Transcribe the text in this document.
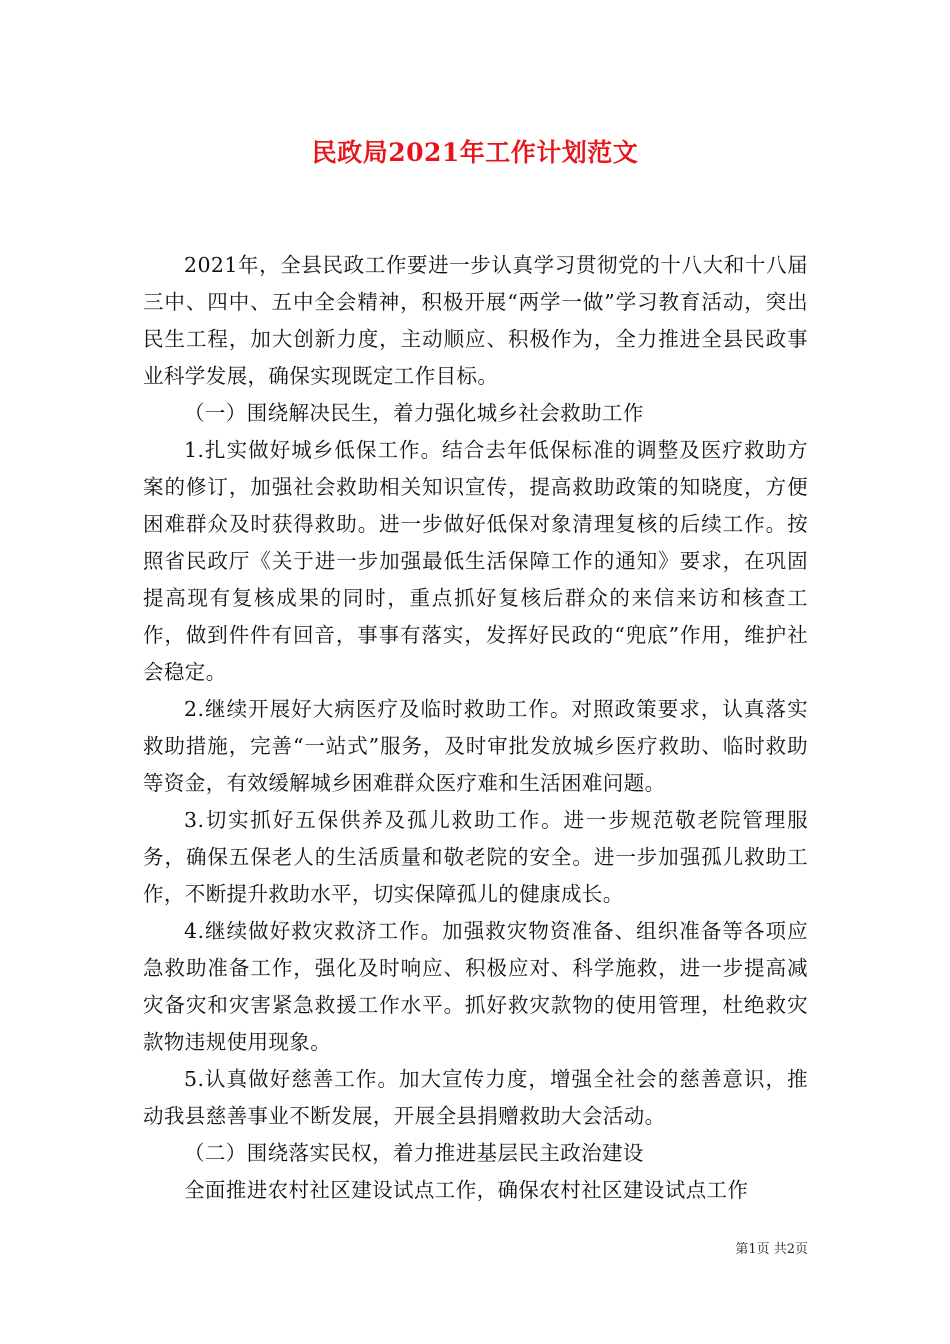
民政局2021年工作计划范文

2021年，全县民政工作要进一步认真学习贯彻党的十八大和十八届三中、四中、五中全会精神，积极开展“两学一做”学习教育活动，突出民生工程，加大创新力度，主动顺应、积极作为，全力推进全县民政事业科学发展，确保实现既定工作目标。

（一）围绕解决民生，着力强化城乡社会救助工作

1.扎实做好城乡低保工作。结合去年低保标准的调整及医疗救助方案的修订，加强社会救助相关知识宣传，提高救助政策的知晓度，方便困难群众及时获得救助。进一步做好低保对象清理复核的后续工作。按照省民政厅《关于进一步加强最低生活保障工作的通知》要求，在巩固提高现有复核成果的同时，重点抓好复核后群众的来信来访和核查工作，做到件件有回音，事事有落实，发挥好民政的“兜底”作用，维护社会稳定。

2.继续开展好大病医疗及临时救助工作。对照政策要求，认真落实救助措施，完善“一站式”服务，及时审批发放城乡医疗救助、临时救助等资金，有效缓解城乡困难群众医疗难和生活困难问题。

3.切实抓好五保供养及孤儿救助工作。进一步规范敬老院管理服务，确保五保老人的生活质量和敬老院的安全。进一步加强孤儿救助工作，不断提升救助水平，切实保障孤儿的健康成长。

4.继续做好救灾救济工作。加强救灾物资准备、组织准备等各项应急救助准备工作，强化及时响应、积极应对、科学施救，进一步提高减灾备灾和灾害紧急救援工作水平。抓好救灾款物的使用管理，杜绝救灾款物违规使用现象。

5.认真做好慈善工作。加大宣传力度，增强全社会的慈善意识，推动我县慈善事业不断发展，开展全县捐赠救助大会活动。

（二）围绕落实民权，着力推进基层民主政治建设

全面推进农村社区建设试点工作，确保农村社区建设试点工作

第1页 共2页
